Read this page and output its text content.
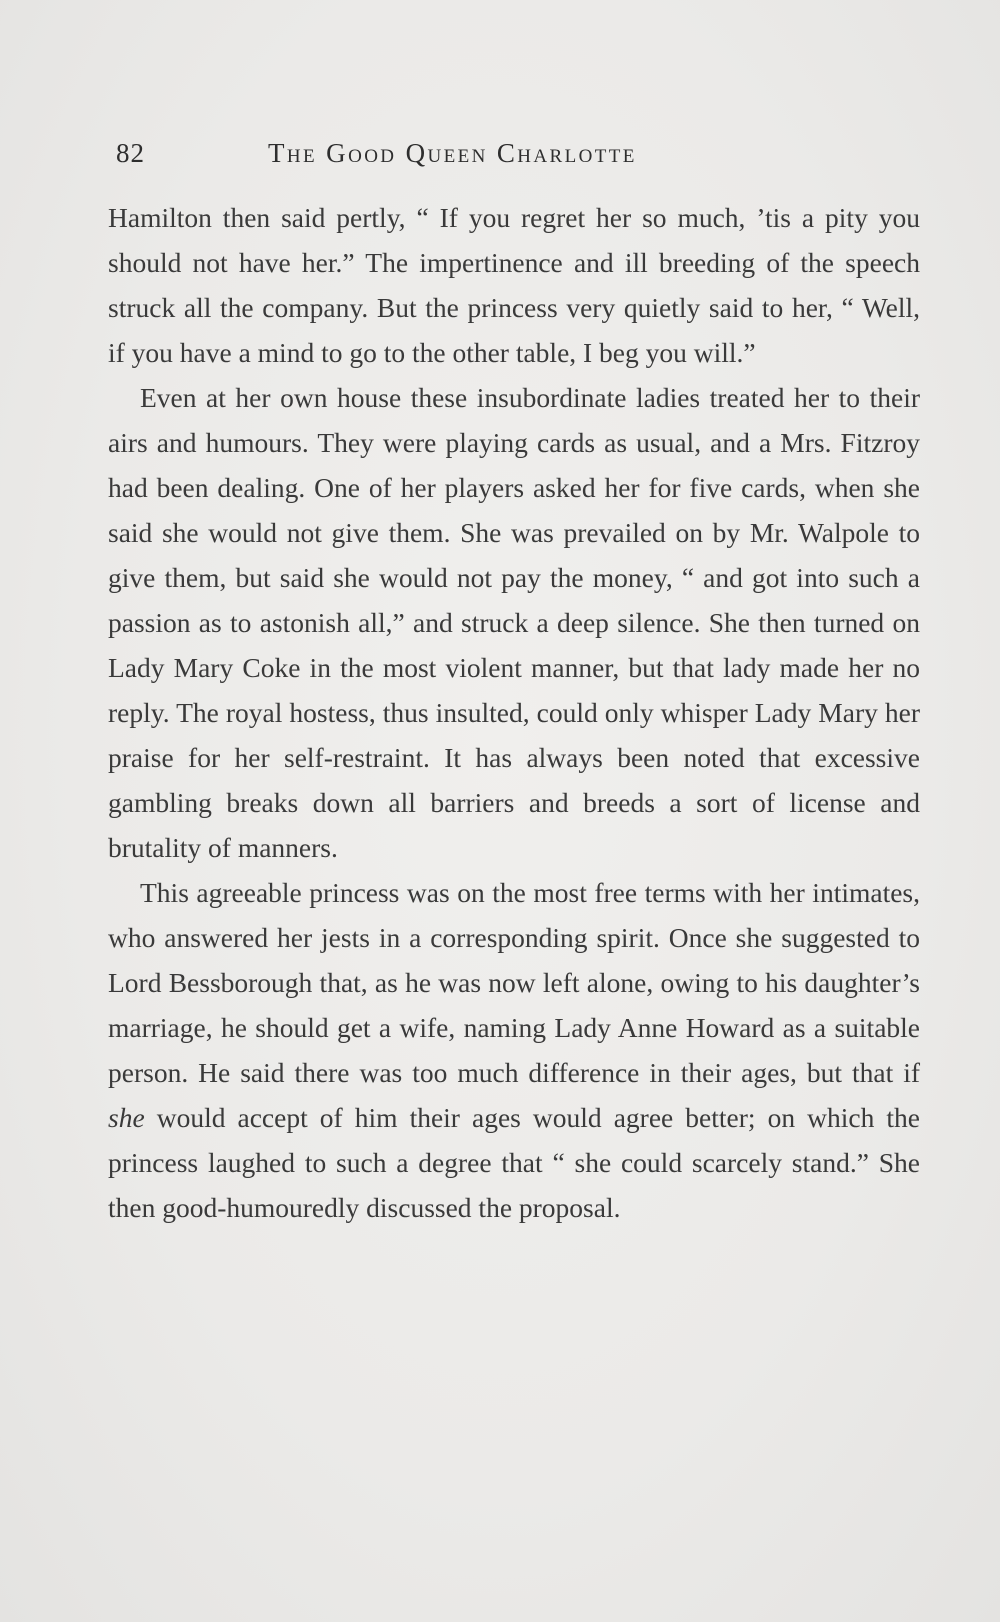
82	The Good Queen Charlotte

Hamilton then said pertly, “ If you regret her so much, ’tis a pity you should not have her.” The impertinence and ill breeding of the speech struck all the company. But the princess very quietly said to her, “ Well, if you have a mind to go to the other table, I beg you will.”

Even at her own house these insubordinate ladies treated her to their airs and humours. They were playing cards as usual, and a Mrs. Fitzroy had been dealing. One of her players asked her for five cards, when she said she would not give them. She was prevailed on by Mr. Walpole to give them, but said she would not pay the money, “ and got into such a passion as to astonish all,” and struck a deep silence. She then turned on Lady Mary Coke in the most violent manner, but that lady made her no reply. The royal hostess, thus insulted, could only whisper Lady Mary her praise for her self-restraint. It has always been noted that excessive gambling breaks down all barriers and breeds a sort of license and brutality of manners.

This agreeable princess was on the most free terms with her intimates, who answered her jests in a corresponding spirit. Once she suggested to Lord Bessborough that, as he was now left alone, owing to his daughter’s marriage, he should get a wife, naming Lady Anne Howard as a suitable person. He said there was too much difference in their ages, but that if she would accept of him their ages would agree better; on which the princess laughed to such a degree that “ she could scarcely stand.” She then good-humouredly discussed the proposal.
